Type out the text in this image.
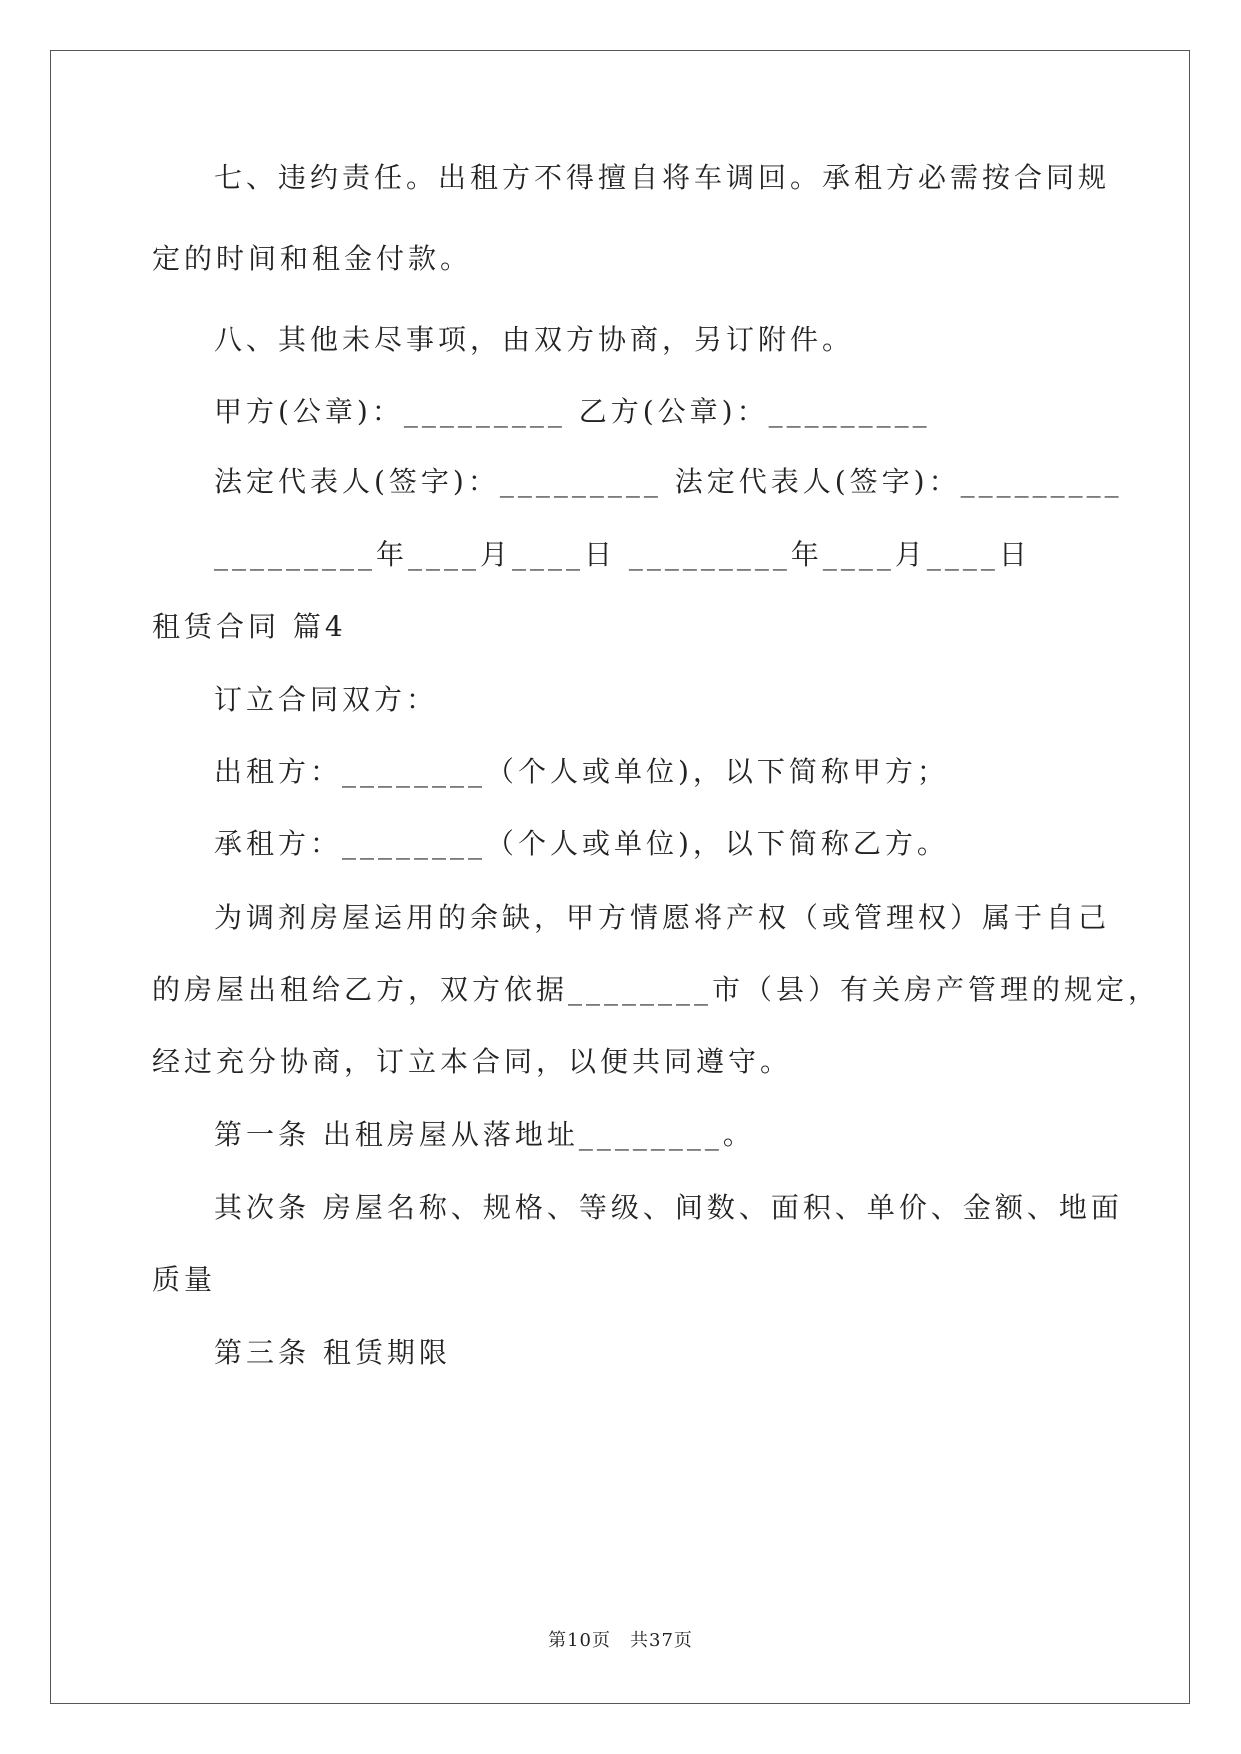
七、违约责任。出租方不得擅自将车调回。承租方必需按合同规
定的时间和租金付款。
八、其他未尽事项，由双方协商，另订附件。
甲方(公章)：_________ 乙方(公章)：_________
法定代表人(签字)：_________ 法定代表人(签字)：_________
_________年____月____日 _________年____月____日
租赁合同 篇4
订立合同双方：
出租方：________（个人或单位)，以下简称甲方；
承租方：________（个人或单位)，以下简称乙方。
为调剂房屋运用的余缺，甲方情愿将产权（或管理权）属于自己
的房屋出租给乙方，双方依据________市（县）有关房产管理的规定，
经过充分协商，订立本合同，以便共同遵守。
第一条 出租房屋从落地址________。
其次条 房屋名称、规格、等级、间数、面积、单价、金额、地面
质量
第三条 租赁期限
第10页　共37页
